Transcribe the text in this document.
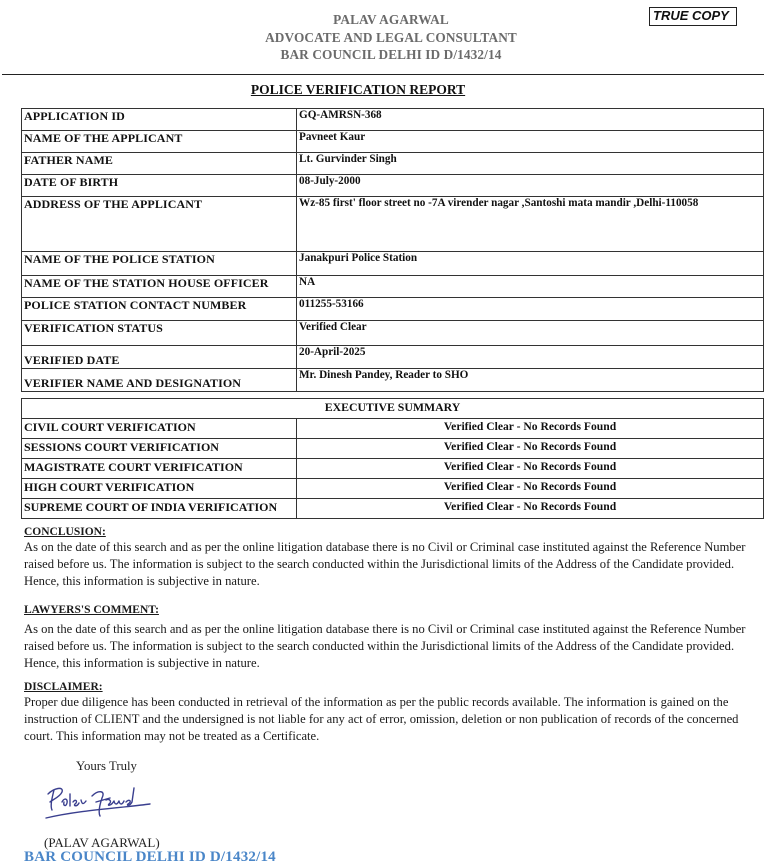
PALAV AGARWAL
ADVOCATE AND LEGAL CONSULTANT
BAR COUNCIL DELHI ID D/1432/14
TRUE COPY
POLICE VERIFICATION REPORT
APPLICATION ID	GQ-AMRSN-368
NAME OF THE APPLICANT	Pavneet Kaur
FATHER NAME	Lt. Gurvinder Singh
DATE OF BIRTH	08-July-2000
ADDRESS OF THE APPLICANT	Wz-85 first' floor street no -7A virender nagar ,Santoshi mata mandir ,Delhi-110058
NAME OF THE POLICE STATION	Janakpuri Police Station
NAME OF THE STATION HOUSE OFFICER	NA
POLICE STATION CONTACT NUMBER	011255-53166
VERIFICATION STATUS	Verified Clear
VERIFIED DATE	20-April-2025
VERIFIER NAME AND DESIGNATION	Mr. Dinesh Pandey, Reader to SHO
EXECUTIVE SUMMARY	
CIVIL COURT VERIFICATION	Verified Clear - No Records Found
SESSIONS COURT VERIFICATION	Verified Clear - No Records Found
MAGISTRATE COURT VERIFICATION	Verified Clear - No Records Found
HIGH COURT VERIFICATION	Verified Clear - No Records Found
SUPREME COURT OF INDIA VERIFICATION	Verified Clear - No Records Found
CONCLUSION:
As on the date of this search and as per the online litigation database there is no Civil or Criminal case instituted against the Reference Number raised before us. The information is subject to the search conducted within the Jurisdictional limits of the Address of the Candidate provided. Hence, this information is subjective in nature.
LAWYERS'S COMMENT:
As on the date of this search and as per the online litigation database there is no Civil or Criminal case instituted against the Reference Number raised before us. The information is subject to the search conducted within the Jurisdictional limits of the Address of the Candidate provided. Hence, this information is subjective in nature.
DISCLAIMER:
Proper due diligence has been conducted in retrieval of the information as per the public records available. The information is gained on the instruction of CLIENT and the undersigned is not liable for any act of error, omission, deletion or non publication of records of the concerned court. This information may not be treated as a Certificate.
Yours Truly
(PALAV AGARWAL)
BAR COUNCIL DELHI ID D/1432/14
